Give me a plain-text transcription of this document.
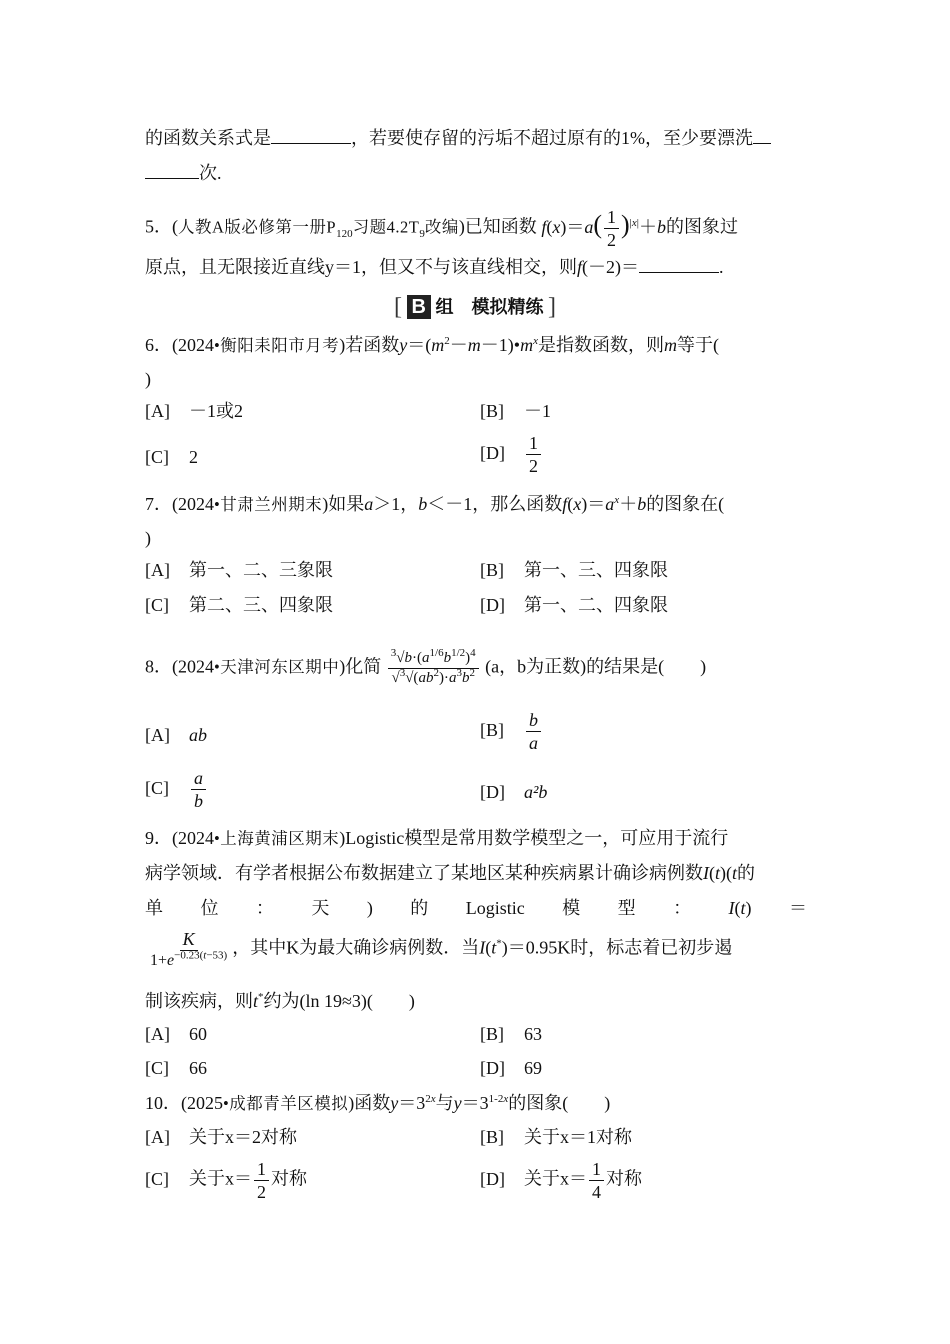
的函数关系式是	，若要使存留的污垢不超过原有的1%，至少要漂洗
次.
5．(人教A版必修第一册$P_{120}$习题$4.2T_9$改编)已知函数 $f(x)=a( \frac{1}{2} )^{|x|}+b$的图象过
原点，且无限接近直线y＝1，但又不与该直线相交，则f(－2)＝	.
[ B 组　模拟精练 ]
6．(2024•衡阳耒阳市月考)若函数$y=(m^2-m-1)•m^x$是指数函数，则m等于(
)
[A] －1或2	[B] －1
[C] 2	$[D] \frac{1}{2}$
7．(2024•甘肃兰州期末)如果a＞1，b＜－1，那么函数$f(x)=a^x+b$的图象在(
)
[A] 第一、二、三象限	[B] 第一、三、四象限
[C] 第二、三、四象限	[D] 第一、二、四象限
8．(2024•天津河东区期中)化简 $\frac{^3√b\cdot(a^{1/6}b^{1/2})^4}{√^3√(ab^2)\cdot a^3b^2} (a$，b为正数)的结果是(　　)
[A] ab	$[B] \frac{b}{a}$
$[C] \frac{a}{b}$	[D] a²b
9．(2024•上海黄浦区期末)Logistic模型是常用数学模型之一，可应用于流行
病学领域．有学者根据公布数据建立了某地区某种疾病累计确诊病例数I(t)(t的
单 位 ： 天 ) 的 Logistic 模 型 ： I(t) ＝
$\frac{K}{1+e^{-0.23(t-53)}}$ ，其中K为最大确诊病例数．当I(t*)＝0.95K时，标志着已初步遏
制该疾病，则t*约为(ln 19≈3)(　　)
[A] 60	[B] 63
[C] 66	[D] 69
10．(2025•成都青羊区模拟)函数$y=3^{2x}$与$y=3^{1-2x}$的图象(　　)
[A] 关于x＝2对称	[B] 关于x＝1对称
[C] 关于$x= \frac{1}{2}$ 对称	[D] 关于$x= \frac{1}{4}$ 对称
